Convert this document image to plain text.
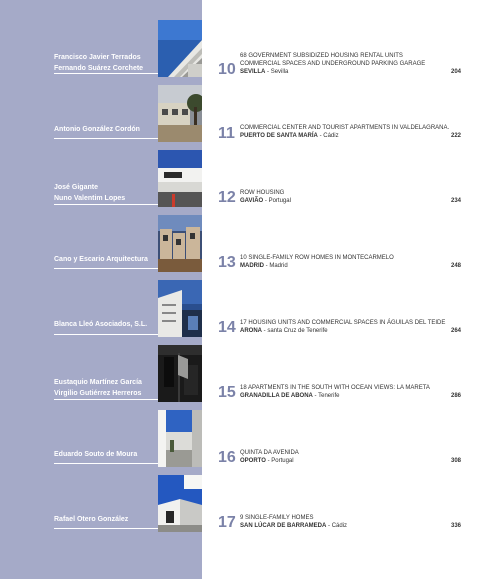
Francisco Javier Terrados
Fernando Suárez Corchete	10
68 GOVERNMENT SUBSIDIZED HOUSING RENTAL UNITS
COMMERCIAL SPACES AND UNDERGROUND PARKING GARAGE
SEVILLA - Sevilla	204
Antonio González Cordón	11 COMMERCIAL CENTER AND TOURIST APARTMENTS IN VALDELAGRANA.
PUERTO DE SANTA MARÍA - Cádiz	222
José Gigante
Nuno Valentim Lopes	12 ROW HOUSING
GAVIÃO - Portugal	234
Cano y Escario Arquitectura	13 10 SINGLE-FAMILY ROW HOMES IN MONTECARMELO
MADRID - Madrid	248
Blanca Lleó Asociados, S.L.	14 17 HOUSING UNITS AND COMMERCIAL SPACES IN ÁGUILAS DEL TEIDE
ARONA - santa Cruz de Tenerife	264
Eustaquio Martínez García
Virgilio Gutiérrez Herreros	15 18 APARTMENTS IN THE SOUTH WITH OCEAN VIEWS: LA MARETA
GRANADILLA DE ABONA - Tenerife	286
Eduardo Souto de Moura	16 QUINTA DA AVENIDA
OPORTO - Portugal	308
Rafael Otero González	17 9 SINGLE-FAMILY HOMES
SAN LÚCAR DE BARRAMEDA - Cádiz	336
